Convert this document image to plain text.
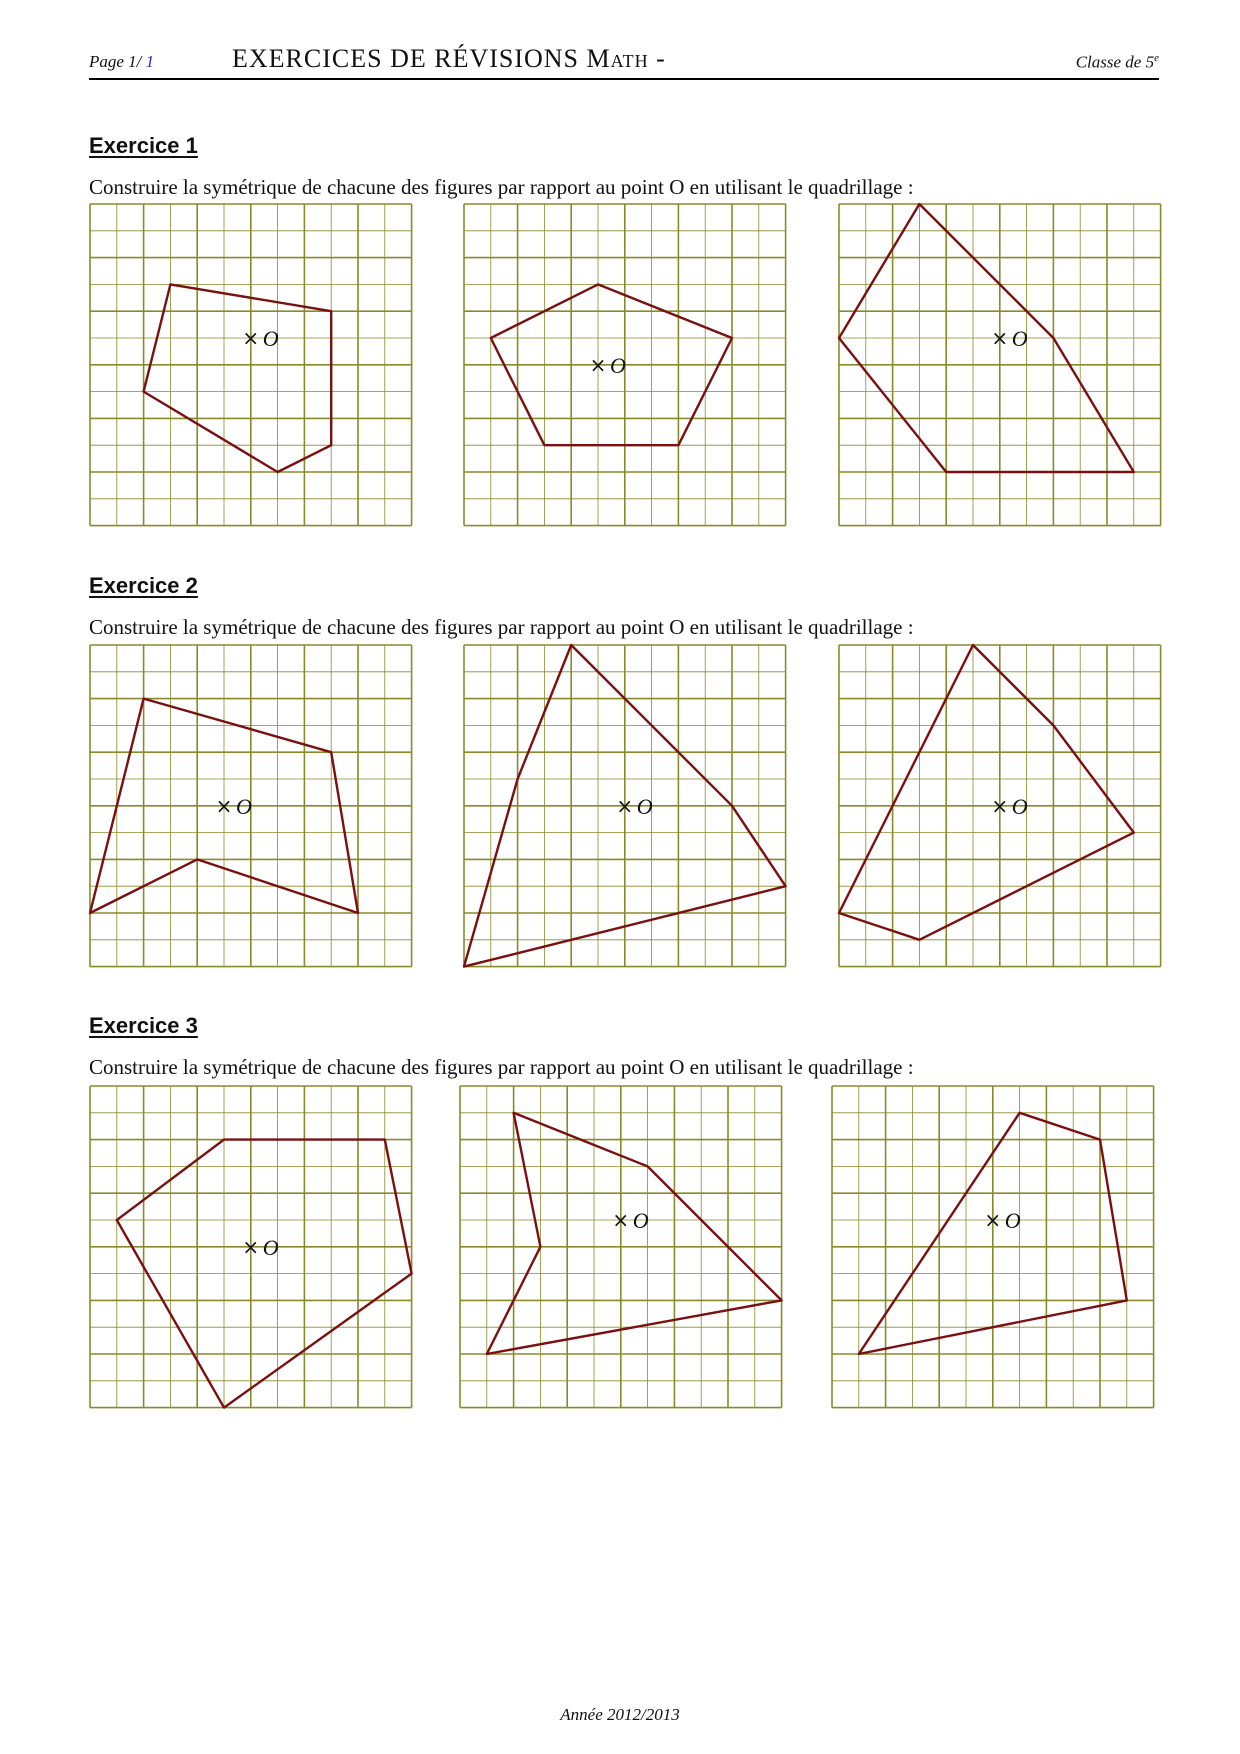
Page 1/ 1	EXERCICES DE RÉVISIONS Math -	Classe de 5e
Exercice 1
Construire la symétrique de chacune des figures par rapport au point O en utilisant le quadrillage :
Exercice 2
Construire la symétrique de chacune des figures par rapport au point O en utilisant le quadrillage :
Exercice 3
Construire la symétrique de chacune des figures par rapport au point O en utilisant le quadrillage :
× O
× O
× O
× O	× O	× O
× O
× O	× O
Année 2012/2013
